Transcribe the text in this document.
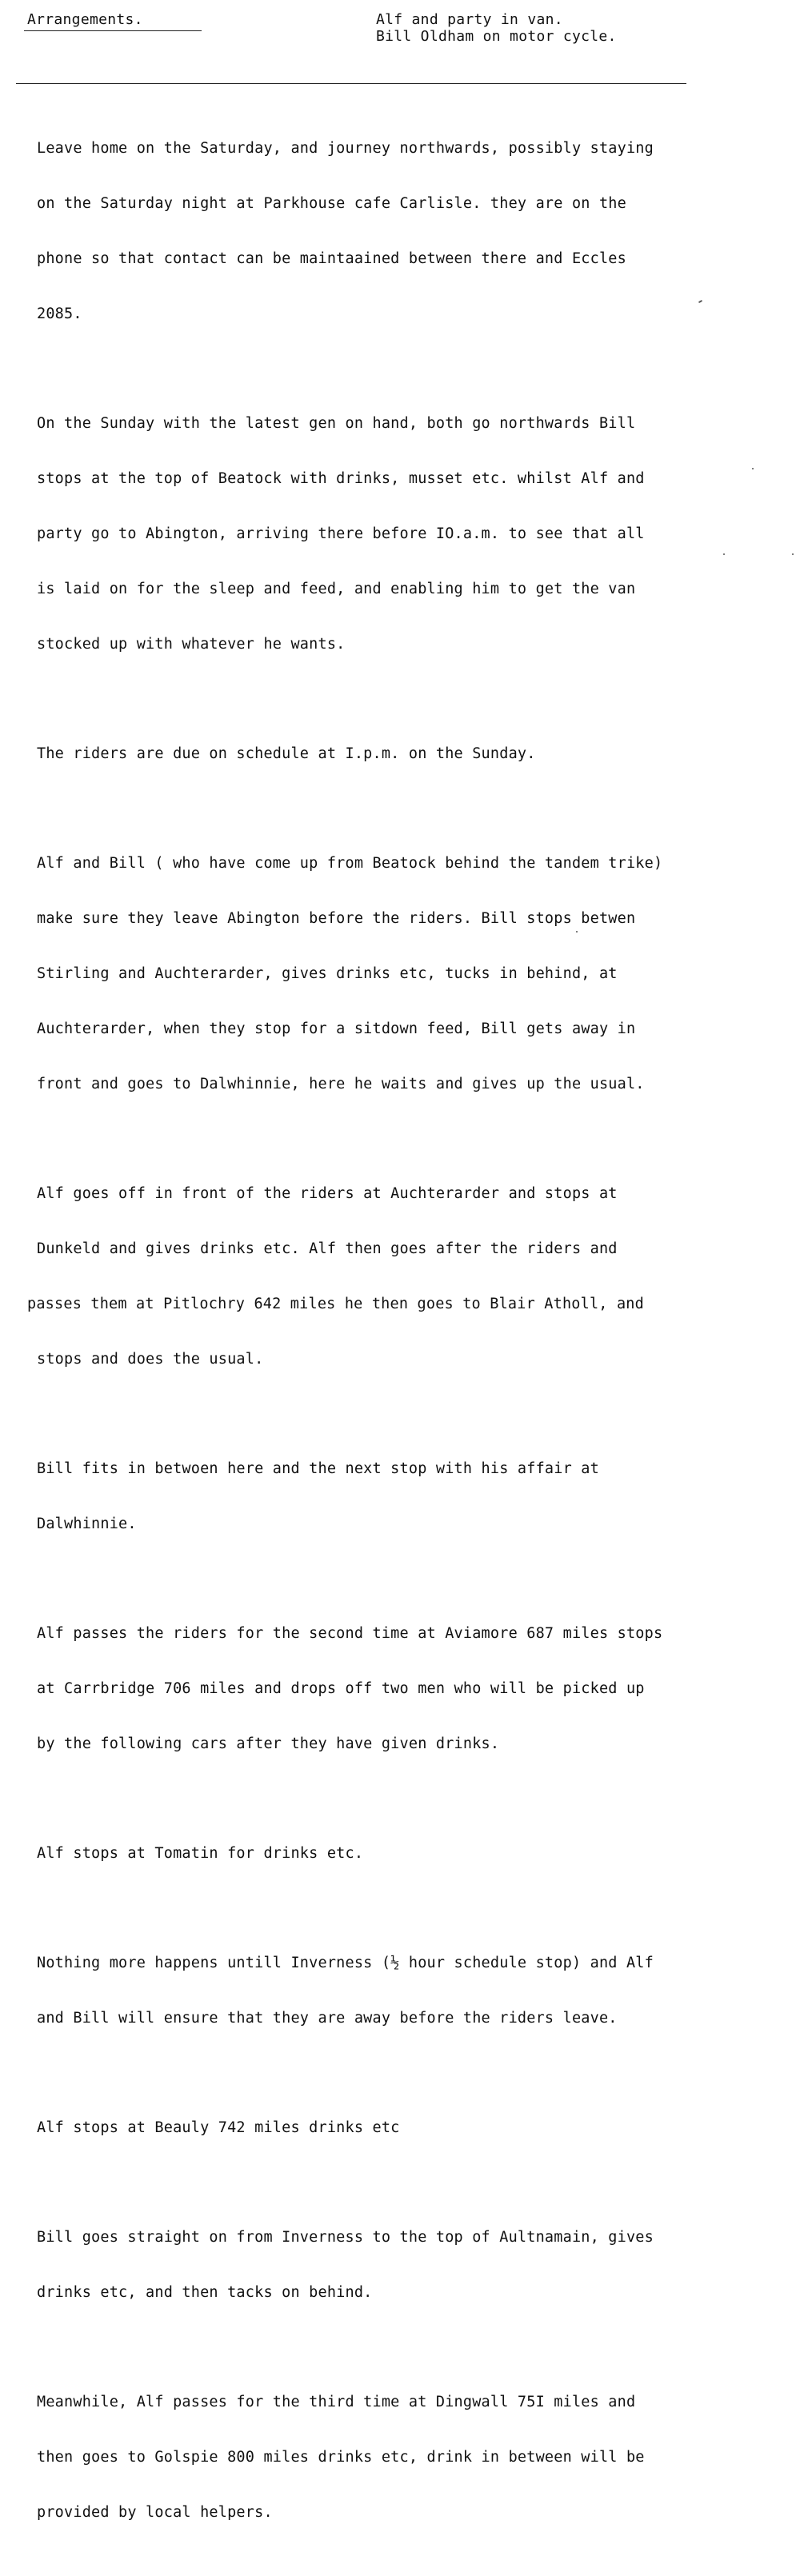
Arrangements.	Alf and party in van.
Bill Oldham on motor cycle.

Leave home on the Saturday, and journey northwards, possibly staying

on the Saturday night at Parkhouse cafe Carlisle. they are on the

phone so that contact can be maintaained between there and Eccles

2085.

On the Sunday with the latest gen on hand, both go northwards Bill

stops at the top of Beatock with drinks, musset etc. whilst Alf and

party go to Abington, arriving there before IO.a.m. to see that all

is laid on for the sleep and feed, and enabling him to get the van

stocked up with whatever he wants.

The riders are due on schedule at I.p.m. on the Sunday.

Alf and Bill ( who have come up from Beatock behind the tandem trike)

make sure they leave Abington before the riders. Bill stops betwen

Stirling and Auchterarder, gives drinks etc, tucks in behind, at

Auchterarder, when they stop for a sitdown feed, Bill gets away in

front and goes to Dalwhinnie, here he waits and gives up the usual.

Alf goes off in front of the riders at Auchterarder and stops at

Dunkeld and gives drinks etc. Alf then goes after the riders and

passes them at Pitlochry 642 miles he then goes to Blair Atholl, and

stops and does the usual.

Bill fits in betwoen here and the next stop with his affair at

Dalwhinnie.

Alf passes the riders for the second time at Aviamore 687 miles stops

at Carrbridge 706 miles and drops off two men who will be picked up

by the following cars after they have given drinks.

Alf stops at Tomatin for drinks etc.

Nothing more happens untill Inverness (½ hour schedule stop) and Alf

and Bill will ensure that they are away before the riders leave.

Alf stops at Beauly 742 miles drinks etc

Bill goes straight on from Inverness to the top of Aultnamain, gives

drinks etc, and then tacks on behind.

Meanwhile, Alf passes for the third time at Dingwall 75I miles and

then goes to Golspie 800 miles drinks etc, drink in between will be

provided by local helpers.
